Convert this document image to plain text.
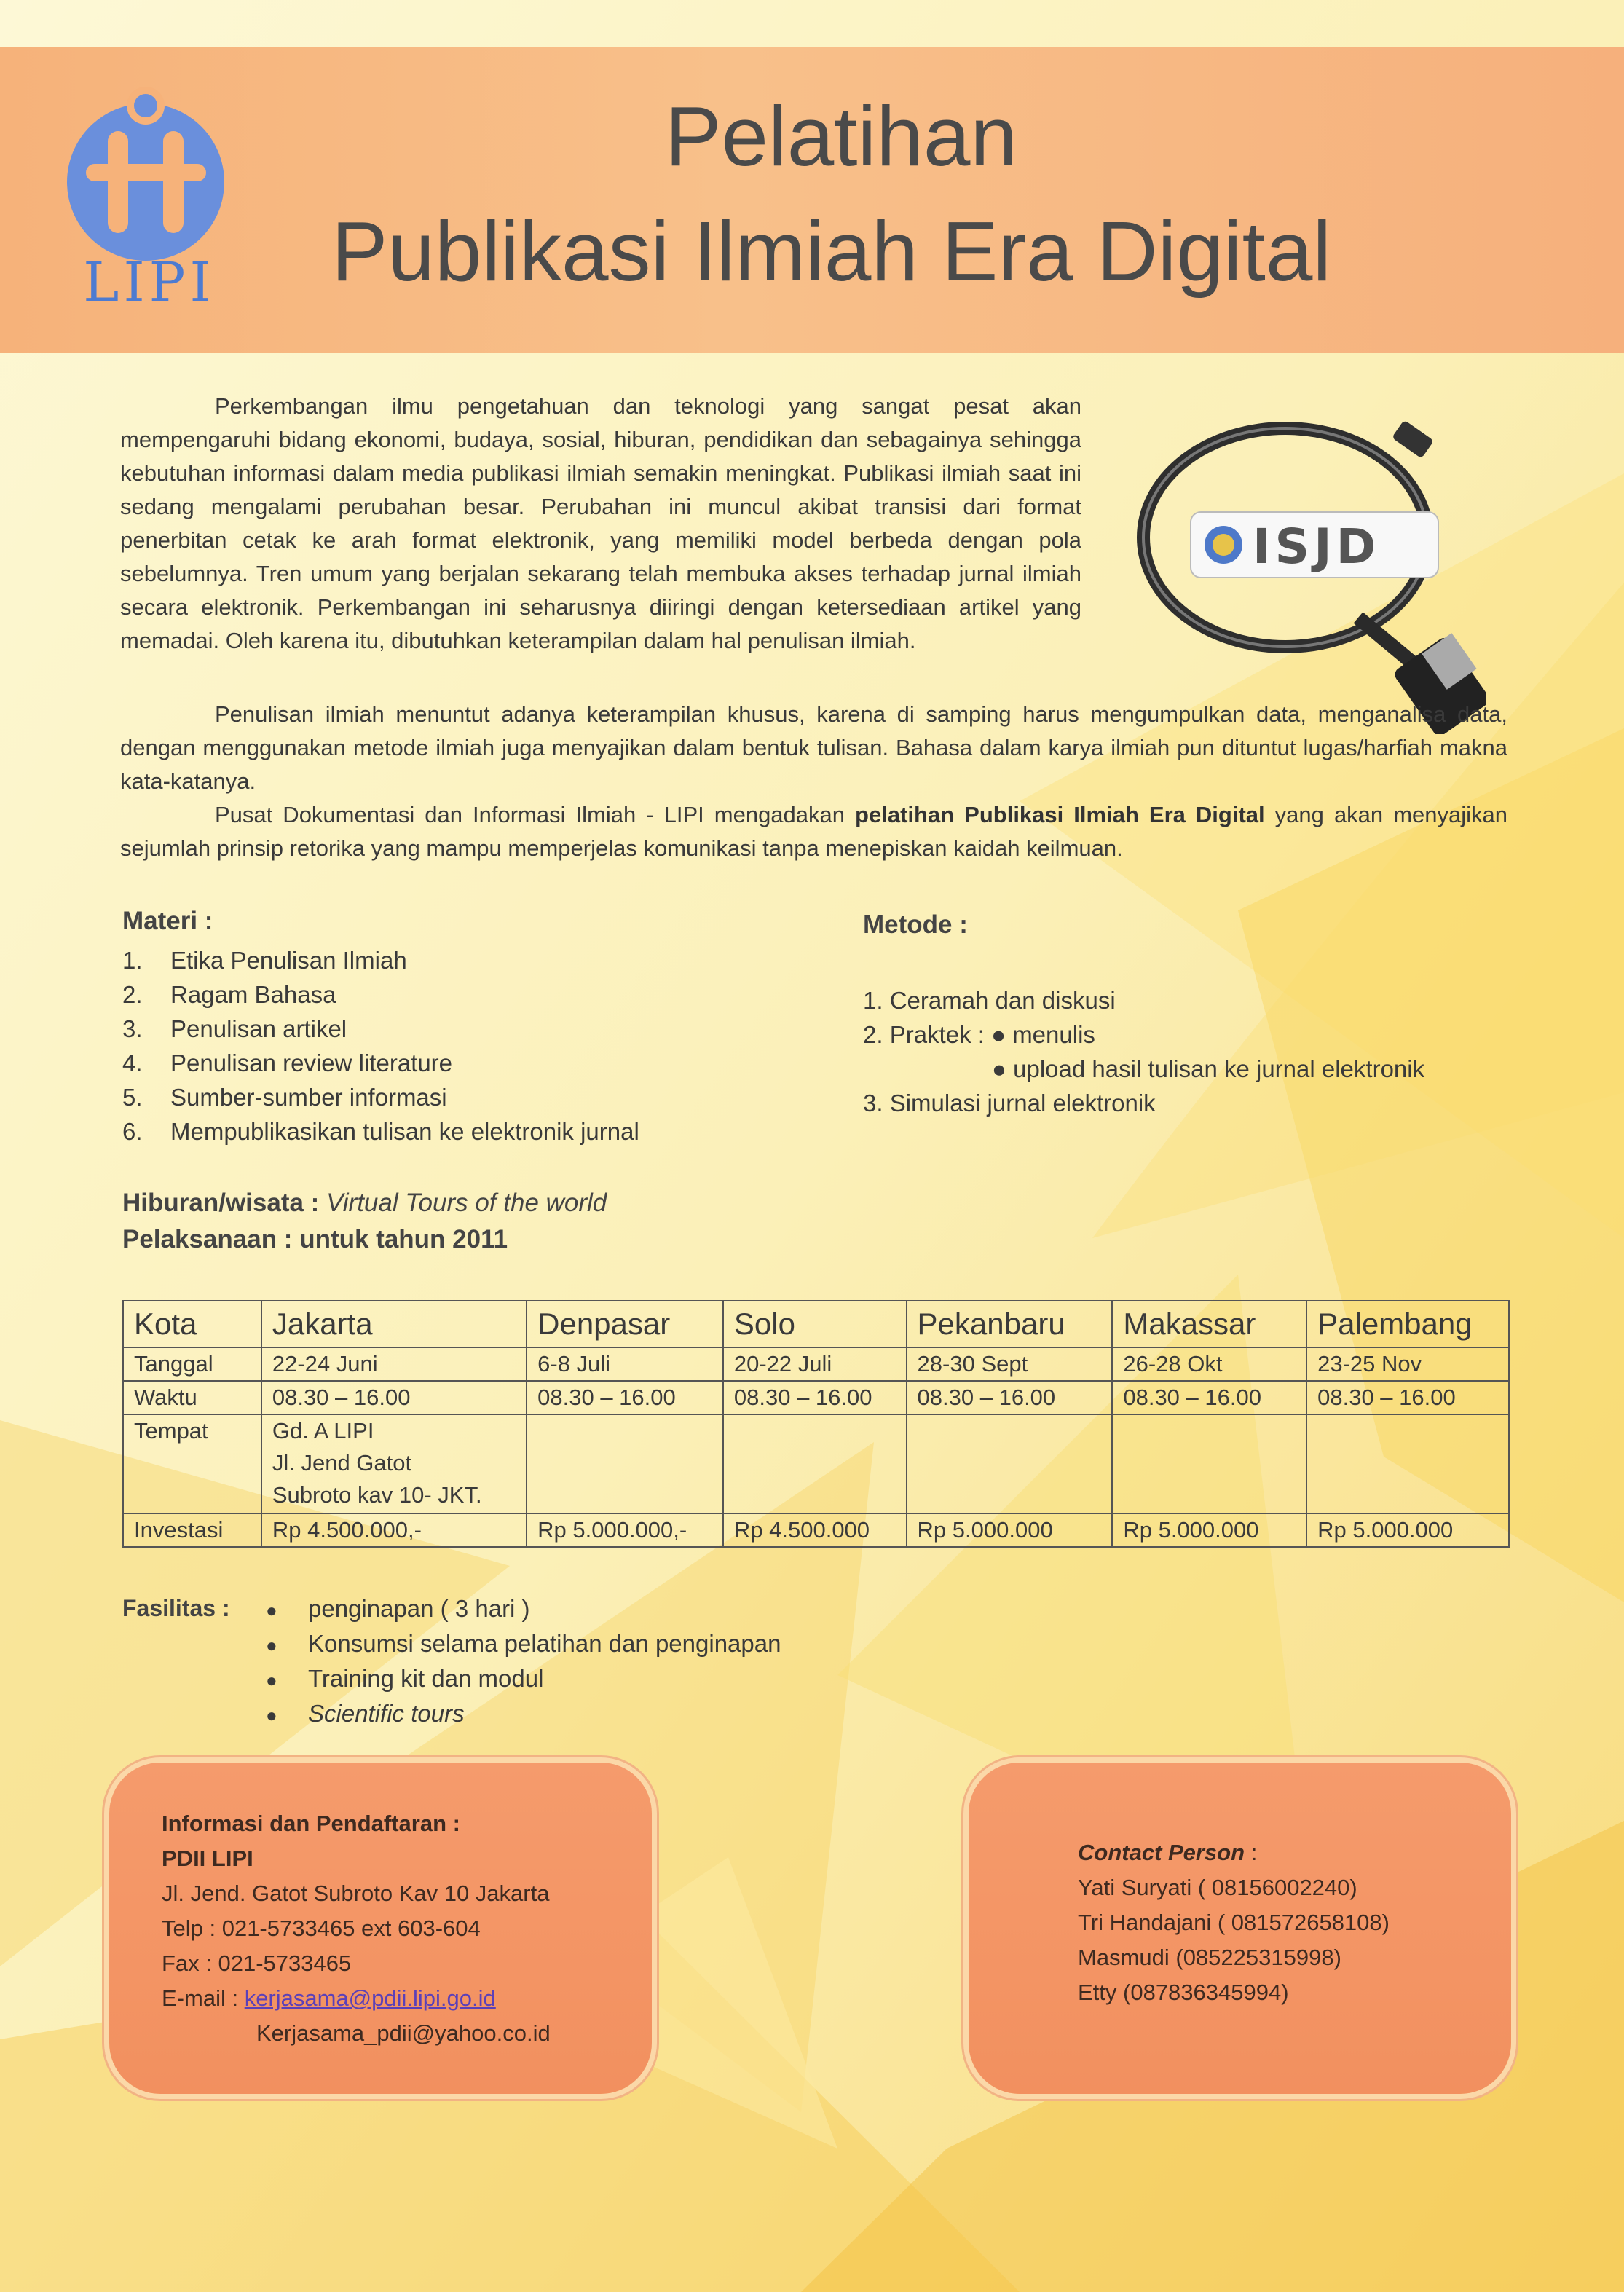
LIPI
Pelatihan
Publikasi Ilmiah Era Digital

Perkembangan ilmu pengetahuan dan teknologi yang sangat pesat akan mempengaruhi bidang ekonomi, budaya, sosial, hiburan, pendidikan dan sebagainya sehingga kebutuhan informasi dalam media publikasi ilmiah semakin meningkat. Publikasi ilmiah saat ini sedang mengalami perubahan besar. Perubahan ini muncul akibat transisi dari format penerbitan cetak ke arah format elektronik, yang memiliki model berbeda dengan pola sebelumnya. Tren umum yang berjalan sekarang telah membuka akses terhadap jurnal ilmiah secara elektronik. Perkembangan ini seharusnya diiringi dengan ketersediaan artikel yang memadai. Oleh karena itu, dibutuhkan keterampilan dalam hal penulisan ilmiah.

ISJD

Penulisan ilmiah menuntut adanya keterampilan khusus, karena di samping harus mengumpulkan data, menganalisa data, dengan menggunakan metode ilmiah juga menyajikan dalam bentuk tulisan. Bahasa dalam karya ilmiah pun dituntut lugas/harfiah makna kata-katanya.

Pusat Dokumentasi dan Informasi Ilmiah - LIPI mengadakan pelatihan Publikasi Ilmiah Era Digital yang akan menyajikan sejumlah prinsip retorika yang mampu memperjelas komunikasi tanpa menepiskan kaidah keilmuan.

Materi :
1. Etika Penulisan Ilmiah
2. Ragam Bahasa
3. Penulisan artikel
4. Penulisan review literature
5. Sumber-sumber informasi
6. Mempublikasikan tulisan ke elektronik jurnal
Metode :
1. Ceramah dan diskusi
2. Praktek : ● menulis
● upload hasil tulisan ke jurnal elektronik
3. Simulasi jurnal elektronik
Hiburan/wisata : Virtual Tours of the world
Pelaksanaan : untuk tahun 2011
Kota	Jakarta	Denpasar	Solo	Pekanbaru	Makassar	Palembang
Tanggal	22-24 Juni	6-8 Juli	20-22 Juli	28-30 Sept	26-28 Okt	23-25 Nov
Waktu	08.30 – 16.00	08.30 – 16.00	08.30 – 16.00	08.30 – 16.00	08.30 – 16.00	08.30 – 16.00
Tempat	Gd. A LIPI
Jl. Jend Gatot
Subroto kav 10- JKT.					

Investasi	Rp 4.500.000,-	Rp 5.000.000,-	Rp 4.500.000	Rp 5.000.000	Rp 5.000.000	Rp 5.000.000
Fasilitas : ● penginapan ( 3 hari )
● Konsumsi selama pelatihan dan penginapan
● Training kit dan modul
● Scientific tours
Informasi dan Pendaftaran :
PDII LIPI
Jl. Jend. Gatot Subroto Kav 10 Jakarta
Telp : 021-5733465 ext 603-604
Fax : 021-5733465
E-mail : kerjasama@pdii.lipi.go.id
Kerjasama_pdii@yahoo.co.id
Contact Person :
Yati Suryati ( 08156002240)
Tri Handajani ( 081572658108)
Masmudi (085225315998)
Etty (087836345994)
